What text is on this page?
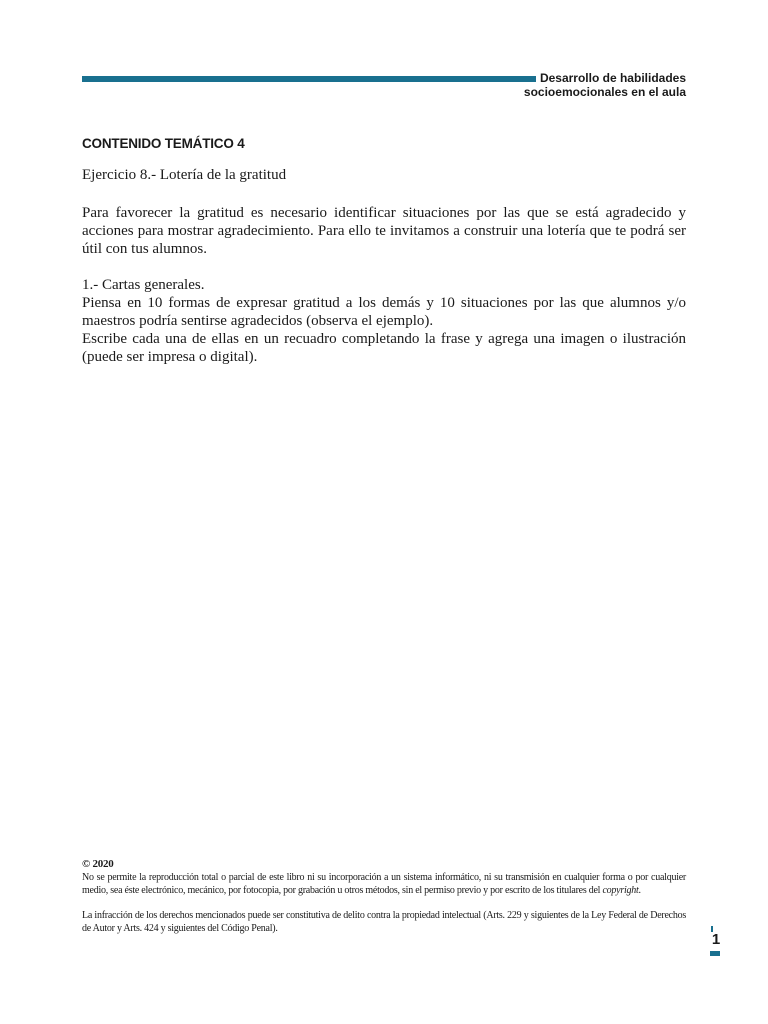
Desarrollo de habilidades
socioemocionales en el aula
CONTENIDO TEMÁTICO 4

Ejercicio 8.- Lotería de la gratitud

Para favorecer la gratitud es necesario identificar situaciones por las que se está agradecido y acciones para mostrar agradecimiento. Para ello te invitamos a construir una lotería que te podrá ser útil con tus alumnos.

1.- Cartas generales.

Piensa en 10 formas de expresar gratitud a los demás y 10 situaciones por las que alumnos y/o maestros podría sentirse agradecidos (observa el ejemplo).

Escribe cada una de ellas en un recuadro completando la frase y agrega una imagen o ilustración (puede ser impresa o digital).

© 2020

No se permite la reproducción total o parcial de este libro ni su incorporación a un sistema informático, ni su transmisión en cualquier forma o por cualquier medio, sea éste electrónico, mecánico, por fotocopia, por grabación u otros métodos, sin el permiso previo y por escrito de los titulares del copyright.

La infracción de los derechos mencionados puede ser constitutiva de delito contra la propiedad intelectual (Arts. 229 y siguientes de la Ley Federal de Derechos de Autor y Arts. 424 y siguientes del Código Penal).

1
